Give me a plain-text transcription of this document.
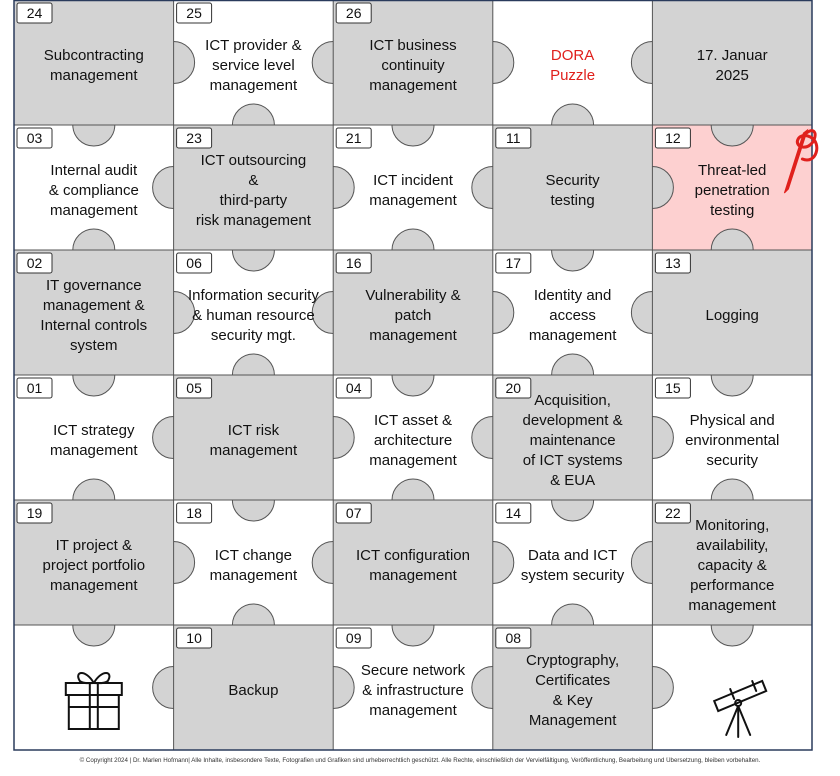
24
Subcontracting
management
25
ICT provider &
service level
management
26
ICT business
continuity
management
DORA
Puzzle
17. Januar
2025
03
Internal audit
& compliance
management
23
ICT outsourcing
&
third-party
risk management
21
ICT incident
management
11
Security
testing
12
Threat-led
penetration
testing
02
IT governance
management &
Internal controls
system
06
Information security
& human resource
security mgt.
16
Vulnerability &
patch
management
17
Identity and
access
management
13
Logging
01
ICT strategy
management
05
ICT risk
management
04
ICT asset &
architecture
management
20
Acquisition,
development &
maintenance
of ICT systems
& EUA
15
Physical and
environmental
security
19
IT project &
project portfolio
management
18
ICT change
management
07
ICT configuration
management
14
Data and ICT
system security
22
Monitoring,
availability,
capacity &
performance
management
10
Backup
09
Secure network
& infrastructure
management
08
Cryptography,
Certificates
& Key
Management
© Copyright 2024 | Dr. Marlen Hofmann| Alle Inhalte, insbesondere Texte, Fotografien und Grafiken sind urheberrechtlich geschützt. Alle Rechte, einschließlich der Vervielfältigung, Veröffentlichung, Bearbeitung und Übersetzung, bleiben vorbehalten.
